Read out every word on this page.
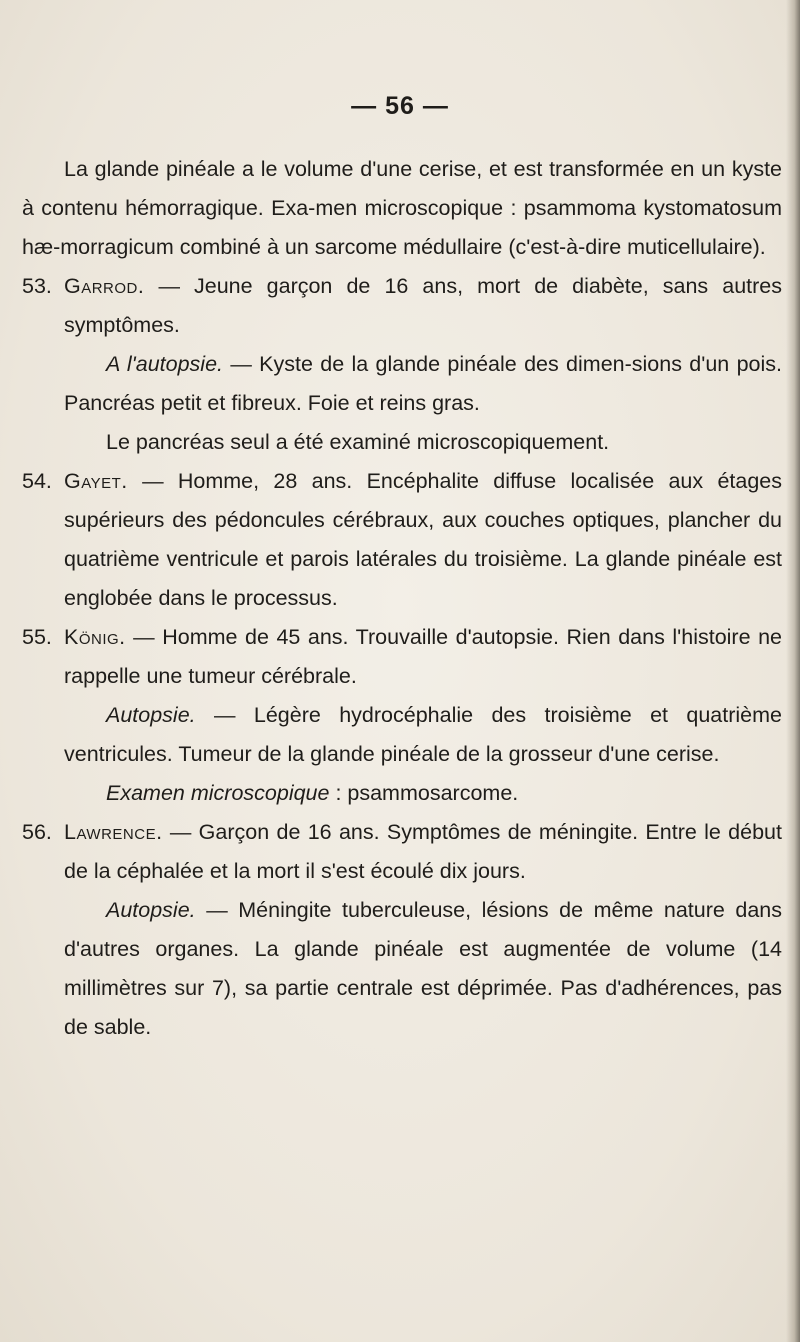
— 56 —

La glande pinéale a le volume d'une cerise, et est transformée en un kyste à contenu hémorragique. Exa-men microscopique : psammoma kystomatosum hæ-morragicum combiné à un sarcome médullaire (c'est-à-dire muticellulaire).

53. Garrod. — Jeune garçon de 16 ans, mort de diabète, sans autres symptômes.

A l'autopsie. — Kyste de la glande pinéale des dimen-sions d'un pois. Pancréas petit et fibreux. Foie et reins gras.

Le pancréas seul a été examiné microscopiquement.

54. Gayet. — Homme, 28 ans. Encéphalite diffuse localisée aux étages supérieurs des pédoncules cérébraux, aux couches optiques, plancher du quatrième ventricule et parois latérales du troisième. La glande pinéale est englobée dans le processus.

55. König. — Homme de 45 ans. Trouvaille d'autopsie. Rien dans l'histoire ne rappelle une tumeur cérébrale.

Autopsie. — Légère hydrocéphalie des troisième et quatrième ventricules. Tumeur de la glande pinéale de la grosseur d'une cerise.

Examen microscopique : psammosarcome.

56. Lawrence. — Garçon de 16 ans. Symptômes de méningite. Entre le début de la céphalée et la mort il s'est écoulé dix jours.

Autopsie. — Méningite tuberculeuse, lésions de même nature dans d'autres organes. La glande pinéale est augmentée de volume (14 millimètres sur 7), sa partie centrale est déprimée. Pas d'adhérences, pas de sable.
